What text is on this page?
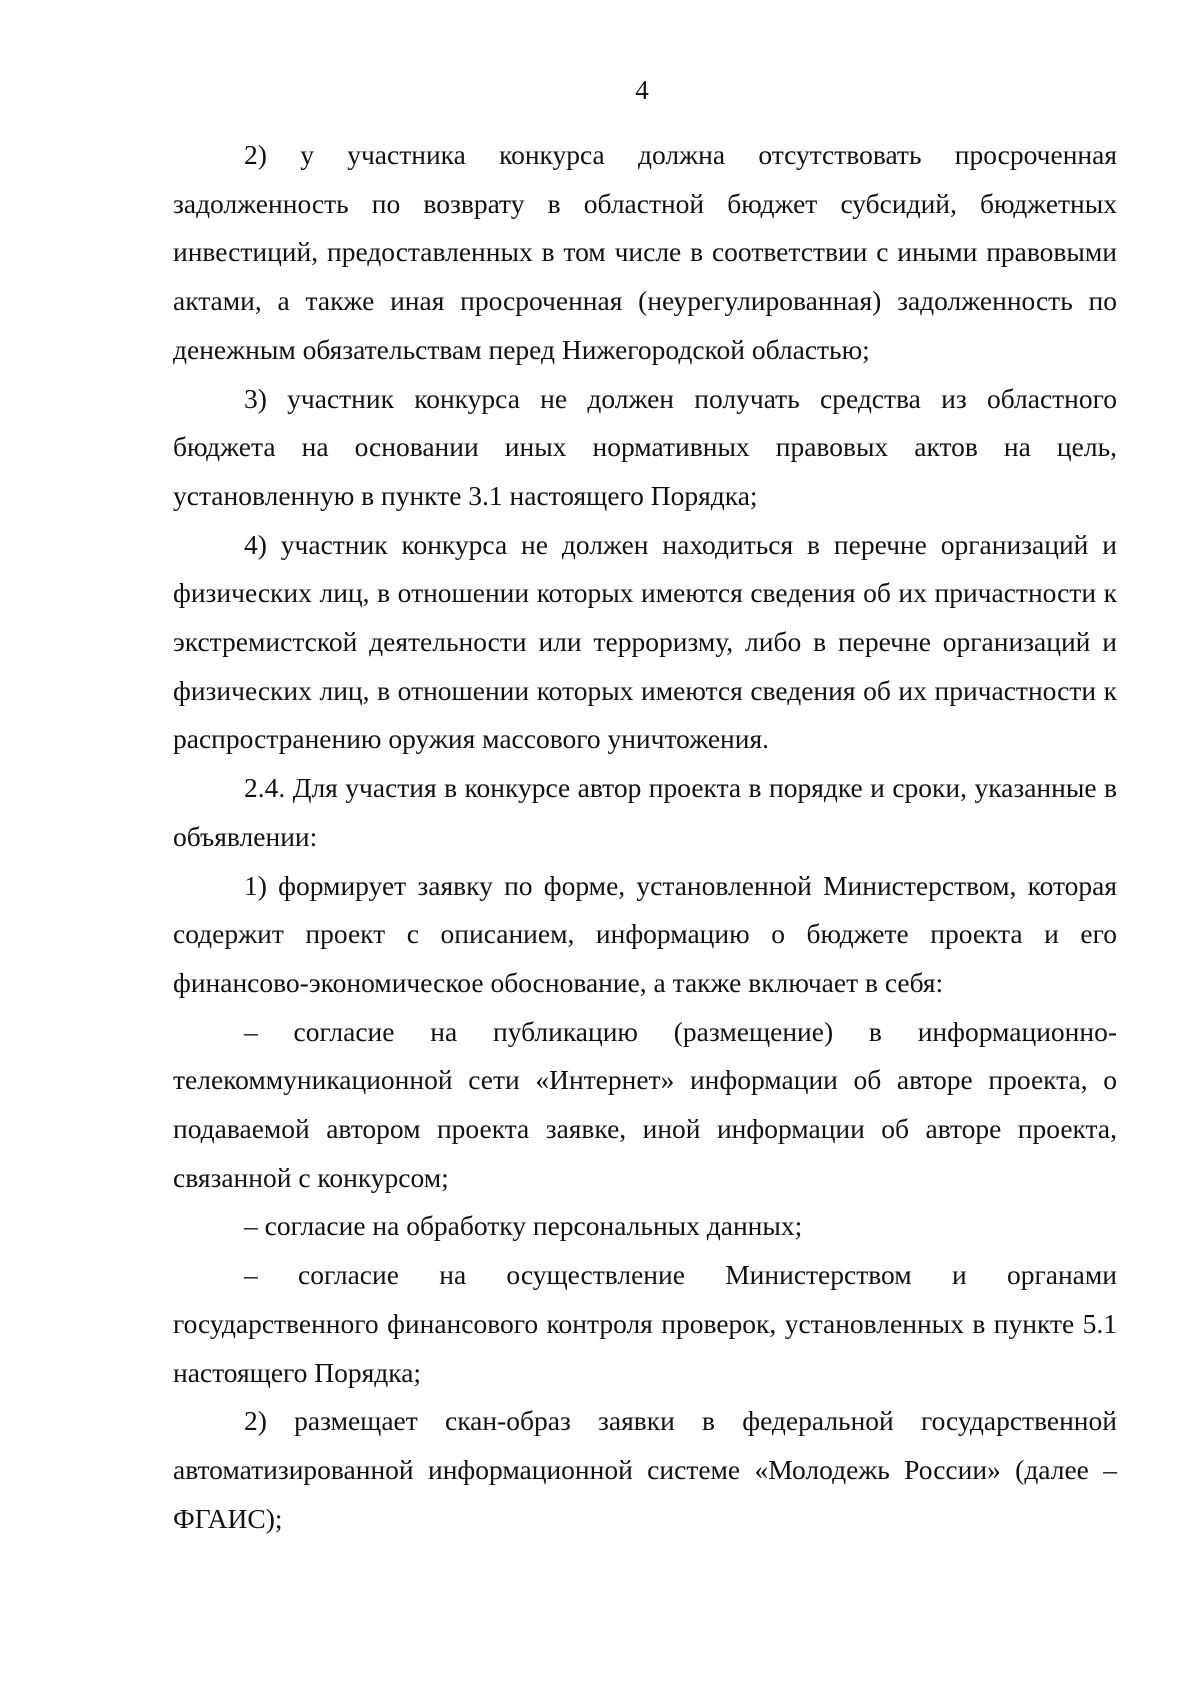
4

2) у участника конкурса должна отсутствовать просроченная задолженность по возврату в областной бюджет субсидий, бюджетных инвестиций, предоставленных в том числе в соответствии с иными правовыми актами, а также иная просроченная (неурегулированная) задолженность по денежным обязательствам перед Нижегородской областью;

3) участник конкурса не должен получать средства из областного бюджета на основании иных нормативных правовых актов на цель, установленную в пункте 3.1 настоящего Порядка;

4) участник конкурса не должен находиться в перечне организаций и физических лиц, в отношении которых имеются сведения об их причастности к экстремистской деятельности или терроризму, либо в перечне организаций и физических лиц, в отношении которых имеются сведения об их причастности к распространению оружия массового уничтожения.

2.4. Для участия в конкурсе автор проекта в порядке и сроки, указанные в объявлении:

1) формирует заявку по форме, установленной Министерством, которая содержит проект с описанием, информацию о бюджете проекта и его финансово-экономическое обоснование, а также включает в себя:

– согласие на публикацию (размещение) в информационно-телекоммуникационной сети «Интернет» информации об авторе проекта, о подаваемой автором проекта заявке, иной информации об авторе проекта, связанной с конкурсом;

– согласие на обработку персональных данных;

– согласие на осуществление Министерством и органами государственного финансового контроля проверок, установленных в пункте 5.1 настоящего Порядка;

2) размещает скан-образ заявки в федеральной государственной автоматизированной информационной системе «Молодежь России» (далее – ФГАИС);
